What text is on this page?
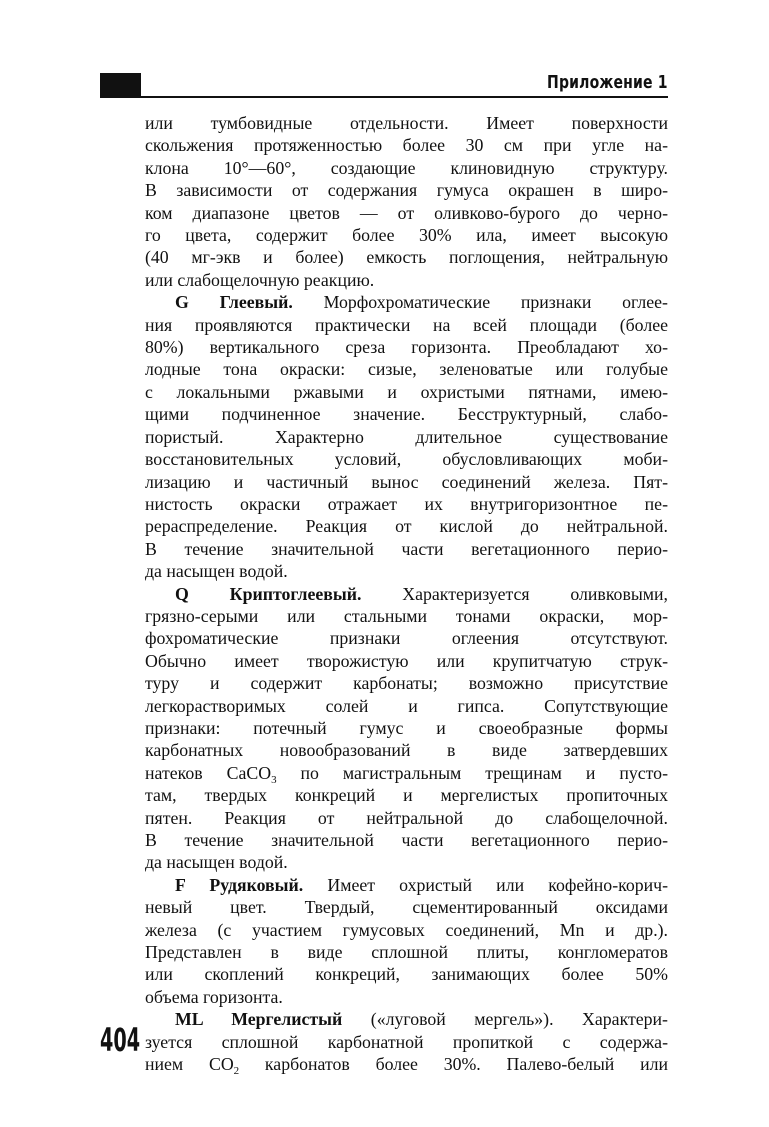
Приложение 1
404
или тумбовидные отдельности. Имеет поверхности
скольжения протяженностью более 30 см при угле на-
клона 10°—60°, создающие клиновидную структуру.
В зависимости от содержания гумуса окрашен в широ-
ком диапазоне цветов — от оливково-бурого до черно-
го цвета, содержит более 30% ила, имеет высокую
(40 мг-экв и более) емкость поглощения, нейтральную
или слабощелочную реакцию.
G Глеевый. Морфохроматические признаки оглее-
ния проявляются практически на всей площади (более
80%) вертикального среза горизонта. Преобладают хо-
лодные тона окраски: сизые, зеленоватые или голубые
с локальными ржавыми и охристыми пятнами, имею-
щими подчиненное значение. Бесструктурный, слабо-
пористый. Характерно длительное существование
восстановительных условий, обусловливающих моби-
лизацию и частичный вынос соединений железа. Пят-
нистость окраски отражает их внутригоризонтное пе-
рераспределение. Реакция от кислой до нейтральной.
В течение значительной части вегетационного перио-
да насыщен водой.
Q Криптоглеевый. Характеризуется оливковыми,
грязно-серыми или стальными тонами окраски, мор-
фохроматические признаки оглеения отсутствуют.
Обычно имеет творожистую или крупитчатую струк-
туру и содержит карбонаты; возможно присутствие
легкорастворимых солей и гипса. Сопутствующие
признаки: потечный гумус и своеобразные формы
карбонатных новообразований в виде затвердевших
натеков CaCO$_3$ по магистральным трещинам и пусто-
там, твердых конкреций и мергелистых пропиточных
пятен. Реакция от нейтральной до слабощелочной.
В течение значительной части вегетационного перио-
да насыщен водой.
F Рудяковый. Имеет охристый или кофейно-корич-
невый цвет. Твердый, сцементированный оксидами
железа (с участием гумусовых соединений, Mn и др.).
Представлен в виде сплошной плиты, конгломератов
или скоплений конкреций, занимающих более 50%
объема горизонта.
ML Мергелистый («луговой мергель»). Характери-
зуется сплошной карбонатной пропиткой с содержа-
нием $CO_2$ карбонатов более 30%. Палево-белый или
